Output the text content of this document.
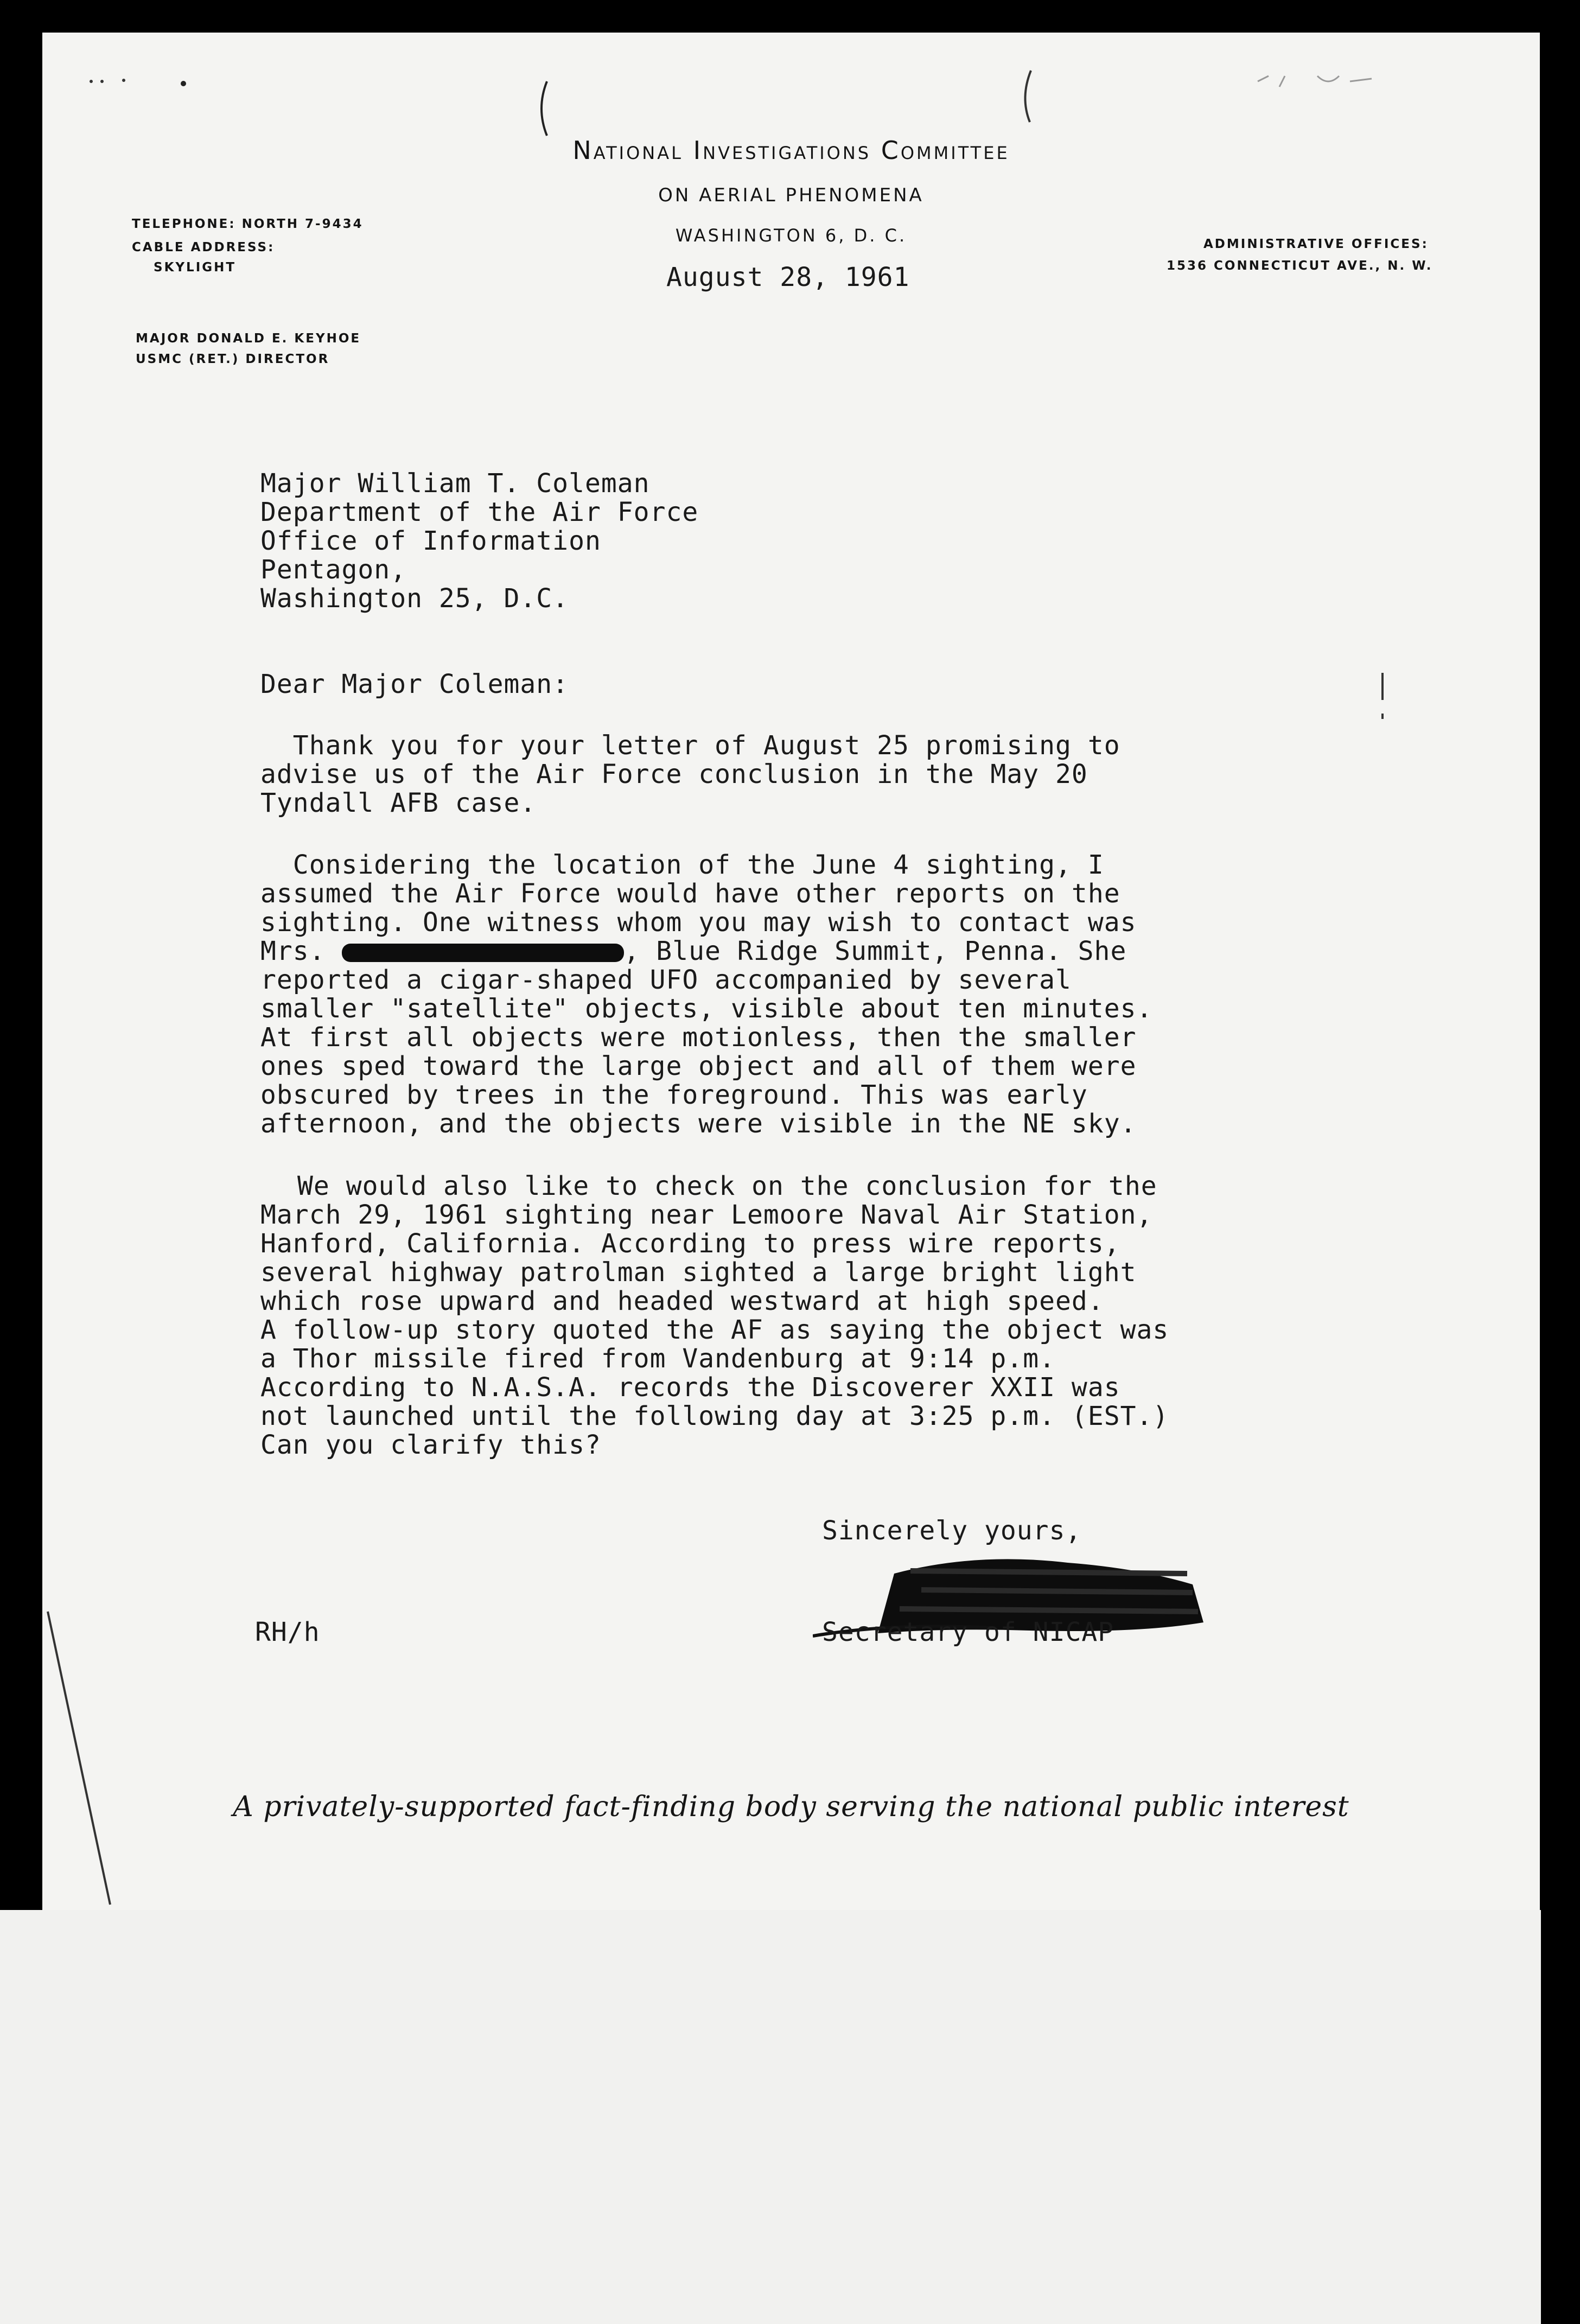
National Investigations Committee
ON AERIAL PHENOMENA
WASHINGTON 6, D. C.
TELEPHONE: NORTH 7-9434
CABLE ADDRESS:
SKYLIGHT
ADMINISTRATIVE OFFICES:
1536 CONNECTICUT AVE., N. W.
MAJOR DONALD E. KEYHOE
USMC (RET.) DIRECTOR
August 28, 1961
Major William T. Coleman
Department of the Air Force
Office of Information
Pentagon,
Washington 25, D.C.
Dear Major Coleman:
Thank you for your letter of August 25 promising to
advise us of the Air Force conclusion in the May 20
Tyndall AFB case.
Considering the location of the June 4 sighting, I
assumed the Air Force would have other reports on the
sighting. One witness whom you may wish to contact was
Mrs.	, Blue Ridge Summit, Penna. She
reported a cigar-shaped UFO accompanied by several
smaller "satellite" objects, visible about ten minutes.
At first all objects were motionless, then the smaller
ones sped toward the large object and all of them were
obscured by trees in the foreground. This was early
afternoon, and the objects were visible in the NE sky.
We would also like to check on the conclusion for the
March 29, 1961 sighting near Lemoore Naval Air Station,
Hanford, California. According to press wire reports,
several highway patrolman sighted a large bright light
which rose upward and headed westward at high speed.
A follow-up story quoted the AF as saying the object was
a Thor missile fired from Vandenburg at 9:14 p.m.
According to N.A.S.A. records the Discoverer XXII was
not launched until the following day at 3:25 p.m. (EST.)
Can you clarify this?
Sincerely yours,
Secretary of NICAP
RH/h
A privately-supported fact-finding body serving the national public interest
